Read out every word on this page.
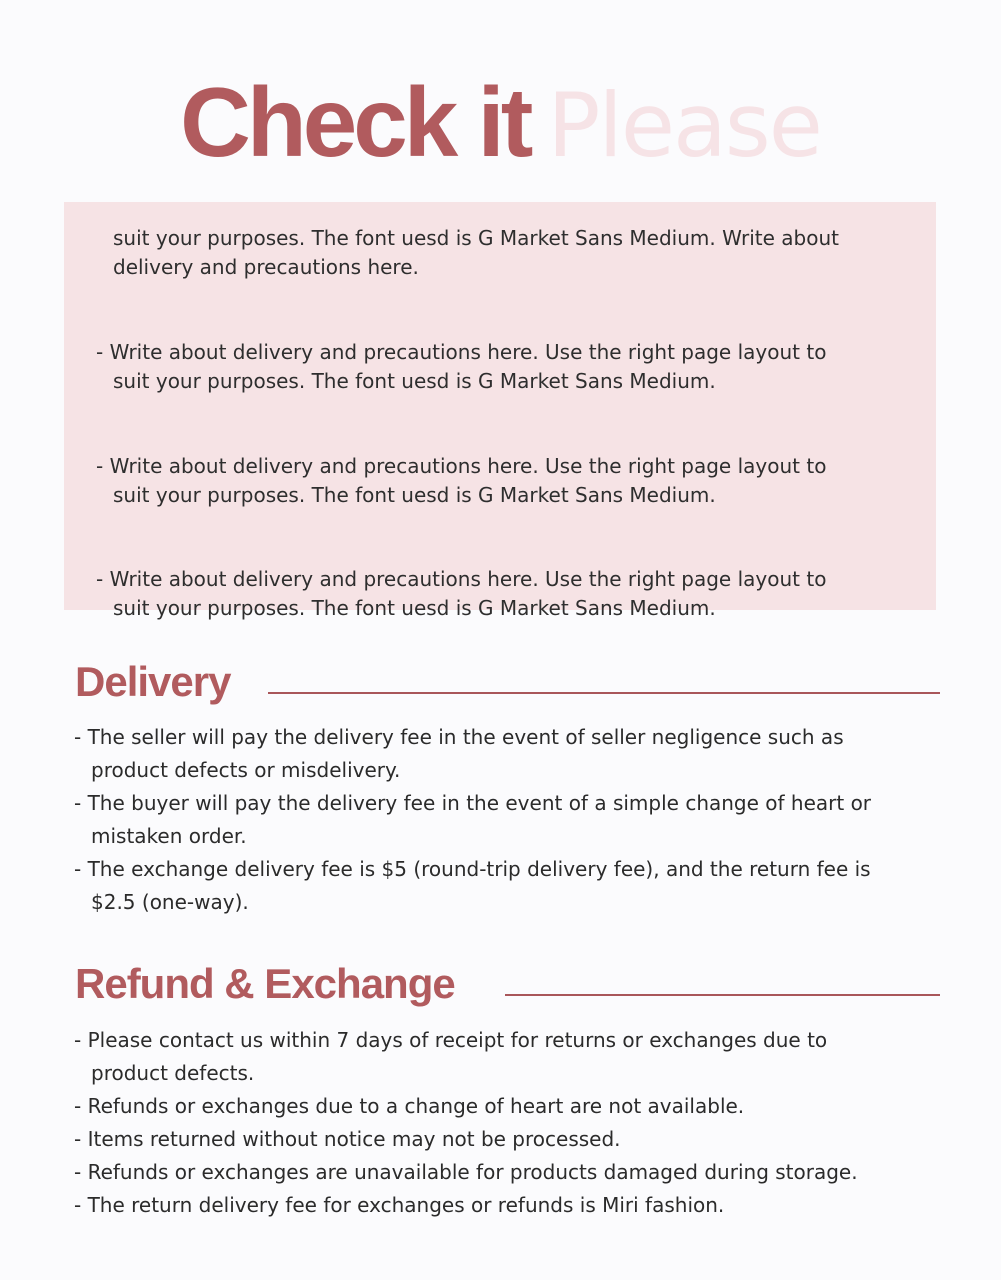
Check it Please
suit your purposes. The font uesd is G Market Sans Medium. Write about
delivery and precautions here.
- Write about delivery and precautions here. Use the right page layout to
suit your purposes. The font uesd is G Market Sans Medium.
- Write about delivery and precautions here. Use the right page layout to
suit your purposes. The font uesd is G Market Sans Medium.
- Write about delivery and precautions here. Use the right page layout to
suit your purposes. The font uesd is G Market Sans Medium.
Delivery
- The seller will pay the delivery fee in the event of seller negligence such as
product defects or misdelivery.
- The buyer will pay the delivery fee in the event of a simple change of heart or
mistaken order.
- The exchange delivery fee is $5 (round-trip delivery fee), and the return fee is
$2.5 (one-way).
Refund & Exchange
- Please contact us within 7 days of receipt for returns or exchanges due to
product defects.
- Refunds or exchanges due to a change of heart are not available.
- Items returned without notice may not be processed.
- Refunds or exchanges are unavailable for products damaged during storage.
- The return delivery fee for exchanges or refunds is Miri fashion.
